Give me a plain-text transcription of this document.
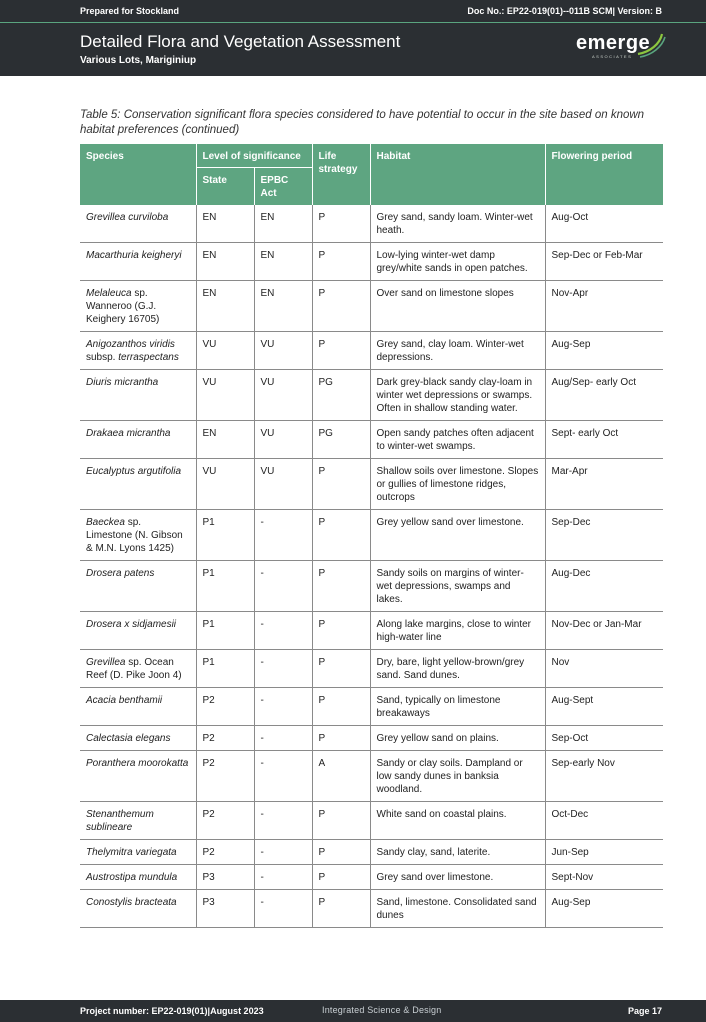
Prepared for Stockland	Doc No.: EP22-019(01)--011B SCM| Version: B
Detailed Flora and Vegetation Assessment
Various Lots, Mariginiup
emerge
ASSOCIATES
Table 5: Conservation significant flora species considered to have potential to occur in the site based on known habitat preferences (continued)
Species	Level of significance		Life strategy	Habitat	Flowering period
	State	EPBC Act			
Grevillea curviloba	EN	EN	P	Grey sand, sandy loam. Winter-wet heath.	Aug-Oct
Macarthuria keigheryi	EN	EN	P	Low-lying winter-wet damp grey/white sands in open patches.	Sep-Dec or Feb-Mar
Melaleuca sp. Wanneroo (G.J. Keighery 16705)	EN	EN	P	Over sand on limestone slopes	Nov-Apr
Anigozanthos viridis subsp. terraspectans	VU	VU	P	Grey sand, clay loam. Winter-wet depressions.	Aug-Sep
Diuris micrantha	VU	VU	PG	Dark grey-black sandy clay-loam in winter wet depressions or swamps. Often in shallow standing water.	Aug/Sep- early Oct
Drakaea micrantha	EN	VU	PG	Open sandy patches often adjacent to winter-wet swamps.	Sept- early Oct
Eucalyptus argutifolia	VU	VU	P	Shallow soils over limestone. Slopes or gullies of limestone ridges, outcrops	Mar-Apr
Baeckea sp. Limestone (N. Gibson & M.N. Lyons 1425)	P1	-	P	Grey yellow sand over limestone.	Sep-Dec
Drosera patens	P1	-	P	Sandy soils on margins of winter-wet depressions, swamps and lakes.	Aug-Dec
Drosera x sidjamesii	P1	-	P	Along lake margins, close to winter high-water line	Nov-Dec or Jan-Mar
Grevillea sp. Ocean Reef (D. Pike Joon 4)	P1	-	P	Dry, bare, light yellow-brown/grey sand. Sand dunes.	Nov
Acacia benthamii	P2	-	P	Sand, typically on limestone breakaways	Aug-Sept
Calectasia elegans	P2	-	P	Grey yellow sand on plains.	Sep-Oct
Poranthera moorokatta	P2	-	A	Sandy or clay soils. Dampland or low sandy dunes in banksia woodland.	Sep-early Nov
Stenanthemum sublineare	P2	-	P	White sand on coastal plains.	Oct-Dec
Thelymitra variegata	P2	-	P	Sandy clay, sand, laterite.	Jun-Sep
Austrostipa mundula	P3	-	P	Grey sand over limestone.	Sept-Nov
Conostylis bracteata	P3	-	P	Sand, limestone. Consolidated sand dunes	Aug-Sep
Project number: EP22-019(01)|August 2023	Integrated Science & Design	Page 17
